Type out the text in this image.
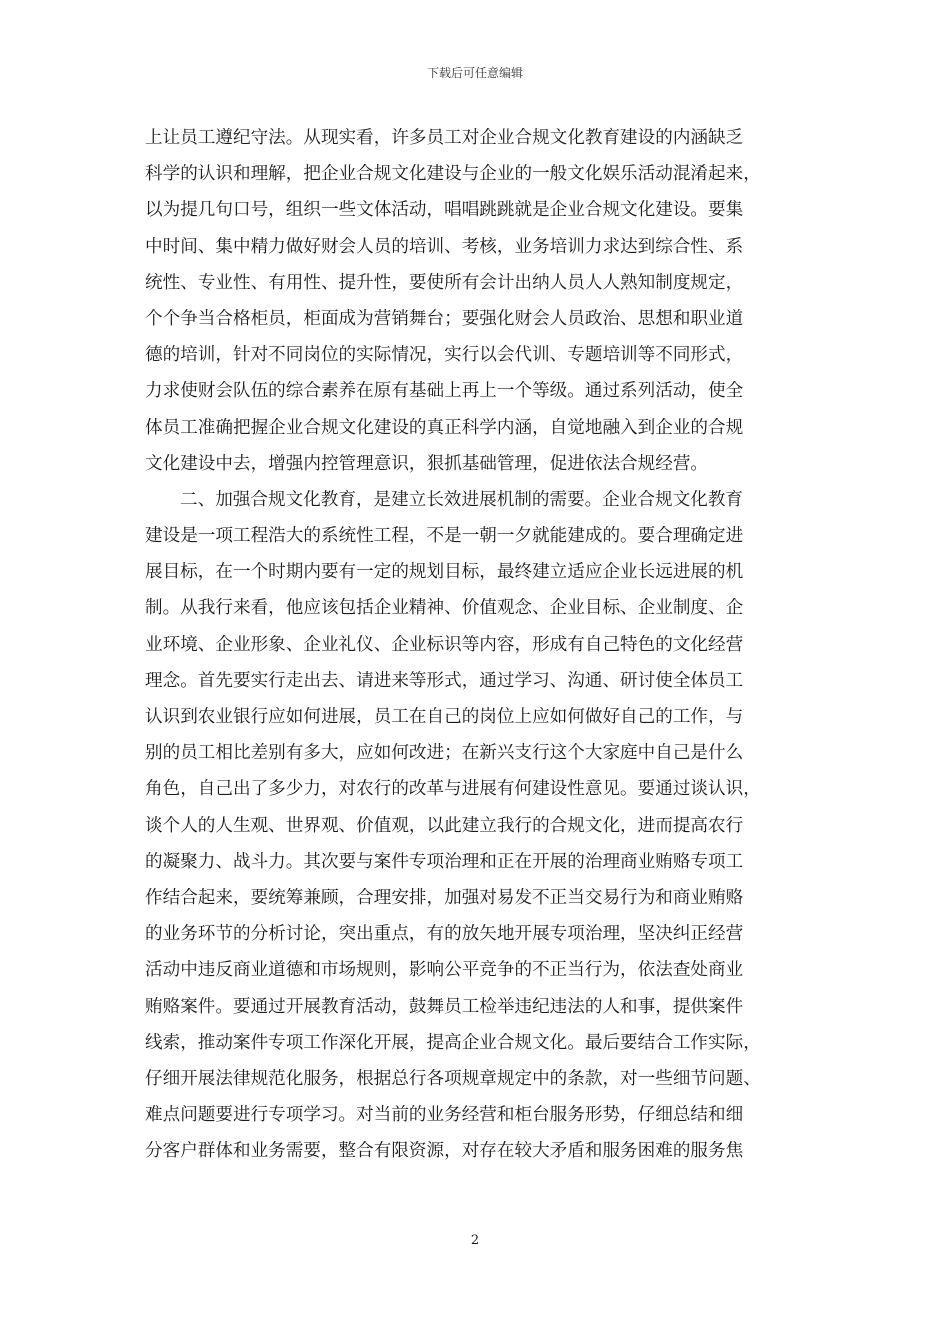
下载后可任意编辑
上让员工遵纪守法。从现实看，许多员工对企业合规文化教育建设的内涵缺乏
科学的认识和理解，把企业合规文化建设与企业的一般文化娱乐活动混淆起来，
以为提几句口号，组织一些文体活动，唱唱跳跳就是企业合规文化建设。要集
中时间、集中精力做好财会人员的培训、考核，业务培训力求达到综合性、系
统性、专业性、有用性、提升性，要使所有会计出纳人员人人熟知制度规定，
个个争当合格柜员，柜面成为营销舞台；要强化财会人员政治、思想和职业道
德的培训，针对不同岗位的实际情况，实行以会代训、专题培训等不同形式，
力求使财会队伍的综合素养在原有基础上再上一个等级。通过系列活动，使全
体员工准确把握企业合规文化建设的真正科学内涵，自觉地融入到企业的合规
文化建设中去，增强内控管理意识，狠抓基础管理，促进依法合规经营。
二、加强合规文化教育，是建立长效进展机制的需要。企业合规文化教育
建设是一项工程浩大的系统性工程，不是一朝一夕就能建成的。要合理确定进
展目标，在一个时期内要有一定的规划目标，最终建立适应企业长远进展的机
制。从我行来看，他应该包括企业精神、价值观念、企业目标、企业制度、企
业环境、企业形象、企业礼仪、企业标识等内容，形成有自己特色的文化经营
理念。首先要实行走出去、请进来等形式，通过学习、沟通、研讨使全体员工
认识到农业银行应如何进展，员工在自己的岗位上应如何做好自己的工作，与
别的员工相比差别有多大，应如何改进；在新兴支行这个大家庭中自己是什么
角色，自己出了多少力，对农行的改革与进展有何建设性意见。要通过谈认识，
谈个人的人生观、世界观、价值观，以此建立我行的合规文化，进而提高农行
的凝聚力、战斗力。其次要与案件专项治理和正在开展的治理商业贿赂专项工
作结合起来，要统筹兼顾，合理安排，加强对易发不正当交易行为和商业贿赂
的业务环节的分析讨论，突出重点，有的放矢地开展专项治理，坚决纠正经营
活动中违反商业道德和市场规则，影响公平竞争的不正当行为，依法查处商业
贿赂案件。要通过开展教育活动，鼓舞员工检举违纪违法的人和事，提供案件
线索，推动案件专项工作深化开展，提高企业合规文化。最后要结合工作实际，
仔细开展法律规范化服务，根据总行各项规章规定中的条款，对一些细节问题、
难点问题要进行专项学习。对当前的业务经营和柜台服务形势，仔细总结和细
分客户群体和业务需要，整合有限资源，对存在较大矛盾和服务困难的服务焦
2
